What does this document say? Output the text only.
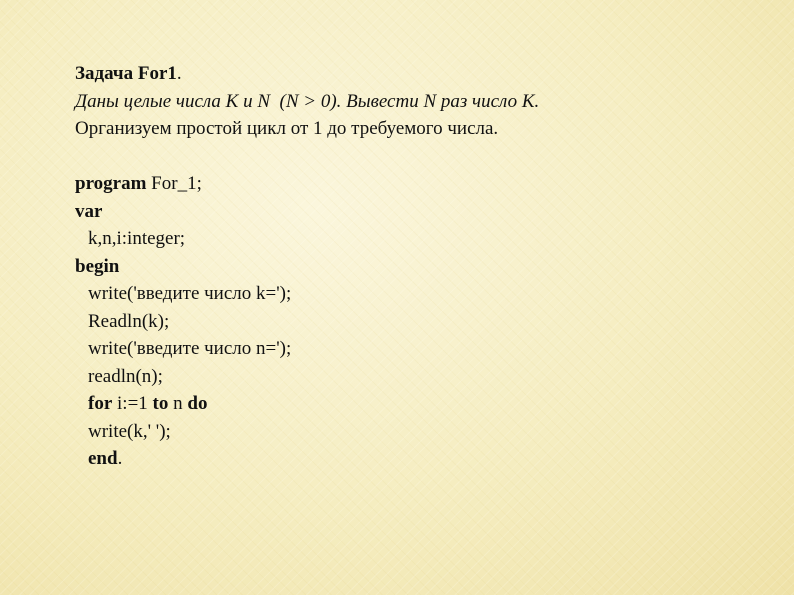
Задача For1.
Даны целые числа K и N  (N > 0). Вывести N раз число K.
Организуем простой цикл от 1 до требуемого числа.
program For_1;
var
k,n,i:integer;
begin
write('введите число k=');
Readln(k);
write('введите число n=');
readln(n);
for i:=1 to n do
write(k,' ');
end.
